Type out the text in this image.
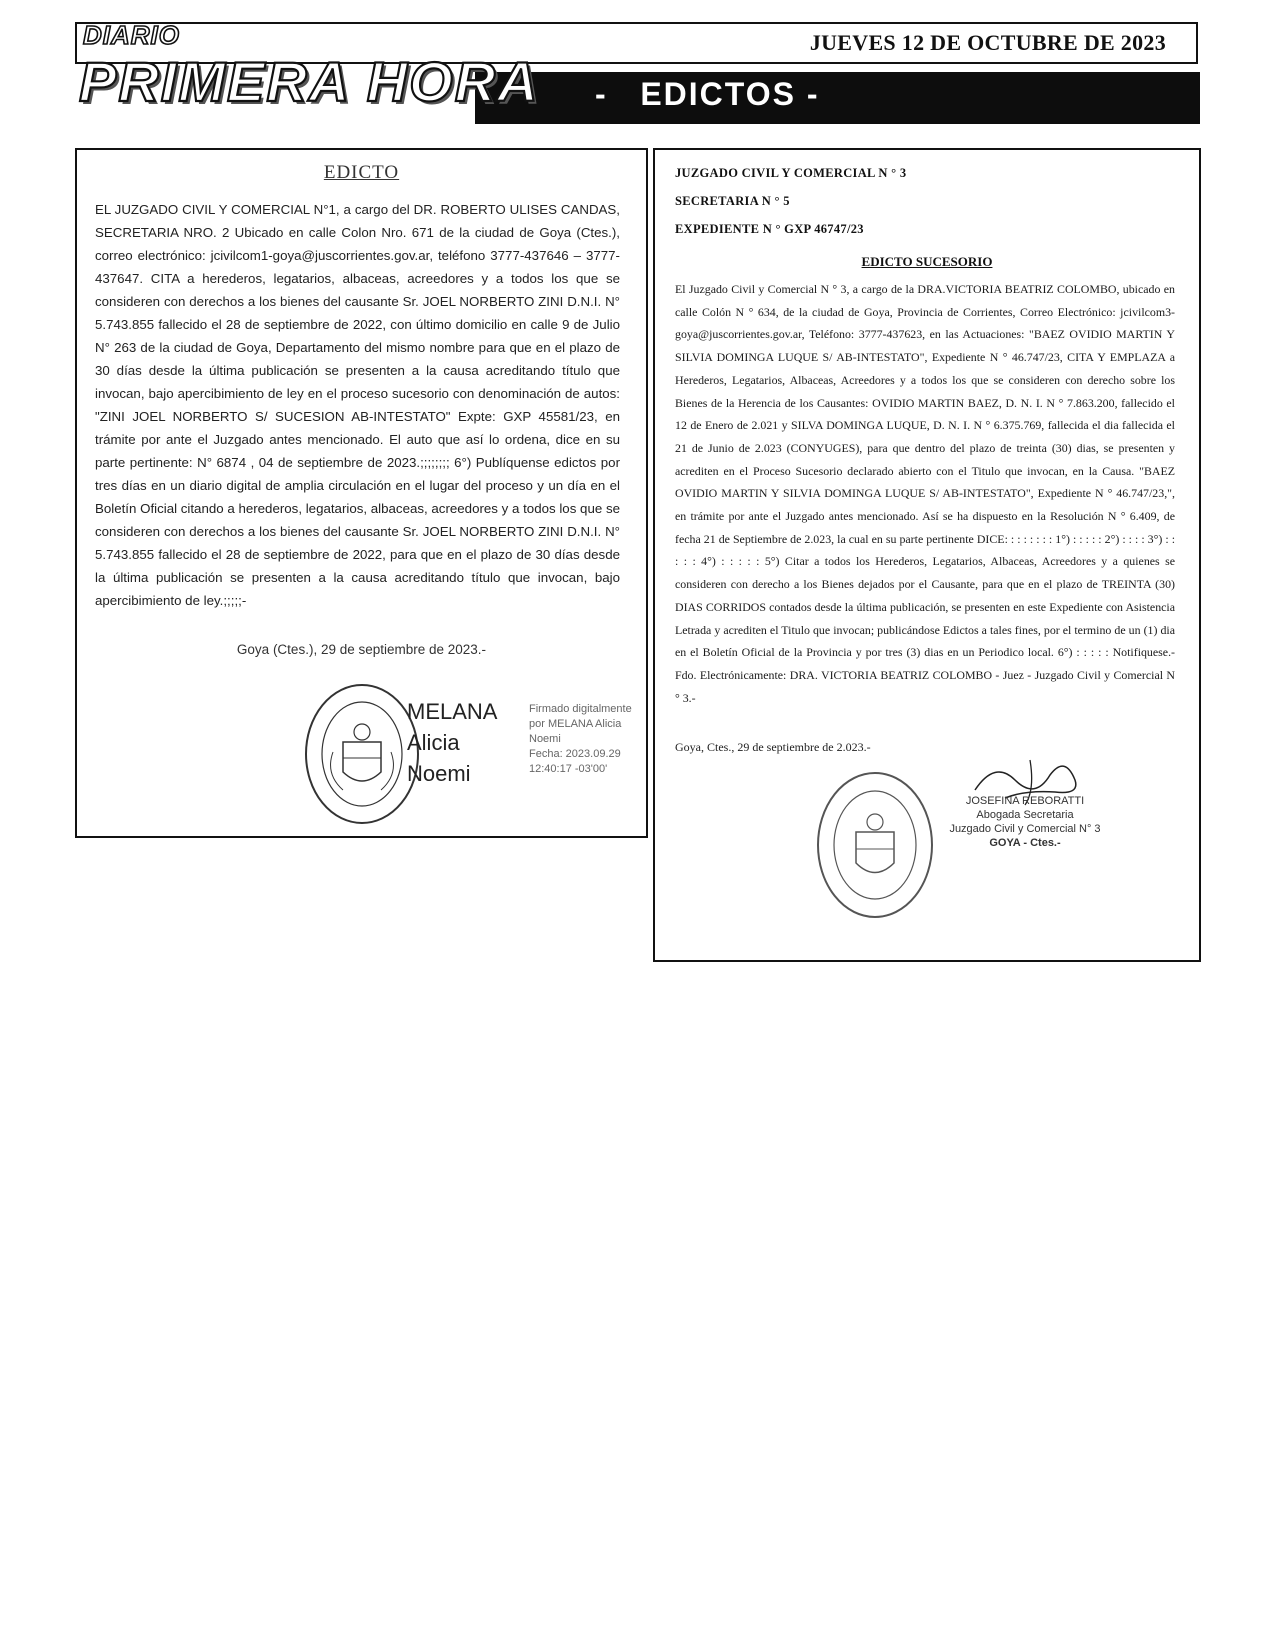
JUEVES 12 DE OCTUBRE DE 2023
DIARIO
PRIMERA HORA -   EDICTOS -
EDICTO
EL JUZGADO CIVIL Y COMERCIAL N°1, a cargo del DR. ROBERTO ULISES CANDAS, SECRETARIA NRO. 2 Ubicado en calle Colon Nro. 671 de la ciudad de Goya (Ctes.), correo electrónico: jcivilcom1-goya@juscorrientes.gov.ar, teléfono 3777-437646 – 3777-437647. CITA a herederos, legatarios, albaceas, acreedores y a todos los que se consideren con derechos a los bienes del causante Sr. JOEL NORBERTO ZINI D.N.I. N° 5.743.855 fallecido el 28 de septiembre de 2022, con último domicilio en calle 9 de Julio N° 263 de la ciudad de Goya, Departamento del mismo nombre para que en el plazo de 30 días desde la última publicación se presenten a la causa acreditando título que invocan, bajo apercibimiento de ley en el proceso sucesorio con denominación de autos: "ZINI JOEL NORBERTO S/ SUCESION AB-INTESTATO" Expte: GXP 45581/23, en trámite por ante el Juzgado antes mencionado. El auto que así lo ordena, dice en su parte pertinente: N° 6874 , 04 de septiembre de 2023.;;;;;;;; 6°) Publíquense edictos por tres días en un diario digital de amplia circulación en el lugar del proceso y un día en el Boletín Oficial citando a herederos, legatarios, albaceas, acreedores y a todos los que se consideren con derechos a los bienes del causante Sr. JOEL NORBERTO ZINI D.N.I. N° 5.743.855 fallecido el 28 de septiembre de 2022, para que en el plazo de 30 días desde la última publicación se presenten a la causa acreditando título que invocan, bajo apercibimiento de ley.;;;;;-
Goya (Ctes.), 29 de septiembre de 2023.-
MELANA
Alicia
Noemi
Firmado digitalmente
por MELANA Alicia
Noemi
Fecha: 2023.09.29
12:40:17 -03'00'
JUZGADO CIVIL Y COMERCIAL N ° 3
SECRETARIA N ° 5
EXPEDIENTE N ° GXP 46747/23
EDICTO SUCESORIO
El Juzgado Civil y Comercial N ° 3, a cargo de la DRA.VICTORIA BEATRIZ COLOMBO, ubicado en calle Colón N ° 634, de la ciudad de Goya, Provincia de Corrientes, Correo Electrónico: jcivilcom3-goya@juscorrientes.gov.ar, Teléfono: 3777-437623, en las Actuaciones: "BAEZ OVIDIO MARTIN Y SILVIA DOMINGA LUQUE S/ AB-INTESTATO", Expediente N ° 46.747/23, CITA Y EMPLAZA a Herederos, Legatarios, Albaceas, Acreedores y a todos los que se consideren con derecho sobre los Bienes de la Herencia de los Causantes: OVIDIO MARTIN BAEZ, D. N. I. N ° 7.863.200, fallecido el 12 de Enero de 2.021 y SILVA DOMINGA LUQUE, D. N. I. N ° 6.375.769, fallecida el dia fallecida el 21 de Junio de 2.023 (CONYUGES), para que dentro del plazo de treinta (30) dias, se presenten y acrediten en el Proceso Sucesorio declarado abierto con el Titulo que invocan, en la Causa. "BAEZ OVIDIO MARTIN Y SILVIA DOMINGA LUQUE S/ AB-INTESTATO", Expediente N ° 46.747/23,", en trámite por ante el Juzgado antes mencionado. Así se ha dispuesto en la Resolución N ° 6.409, de fecha 21 de Septiembre de 2.023, la cual en su parte pertinente DICE: : : : : : : : 1°) : : : : : 2°) : : : : 3°) : : : : : 4°) : : : : : 5°) Citar a todos los Herederos, Legatarios, Albaceas, Acreedores y a quienes se consideren con derecho a los Bienes dejados por el Causante, para que en el plazo de TREINTA (30) DIAS CORRIDOS contados desde la última publicación, se presenten en este Expediente con Asistencia Letrada y acrediten el Titulo que invocan; publicándose Edictos a tales fines, por el termino de un (1) dia en el Boletín Oficial de la Provincia y por tres (3) dias en un Periodico local. 6°) : : : : : Notifiquese.- Fdo. Electrónicamente: DRA. VICTORIA BEATRIZ COLOMBO - Juez - Juzgado Civil y Comercial N ° 3.-
Goya, Ctes., 29 de septiembre de 2.023.-
JOSEFINA REBORATTI
Abogada Secretaria
Juzgado Civil y Comercial N° 3
GOYA - Ctes.-
